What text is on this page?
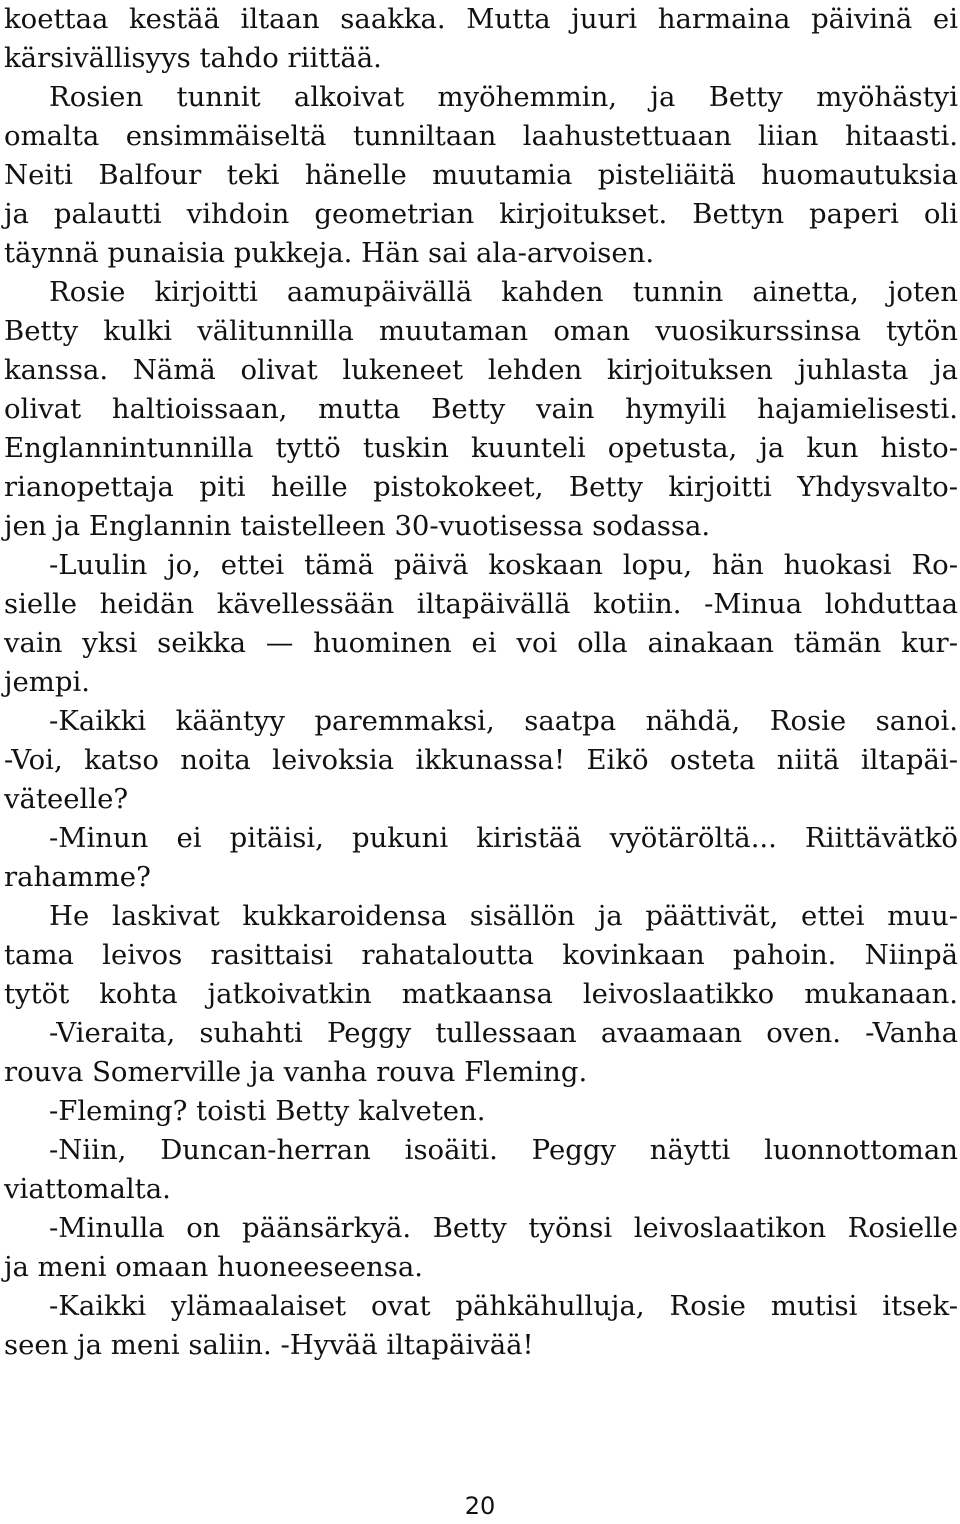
koettaa kestää iltaan saakka. Mutta juuri harmaina päivinä ei
kärsivällisyys tahdo riittää.
Rosien tunnit alkoivat myöhemmin, ja Betty myöhästyi
omalta ensimmäiseltä tunniltaan laahustettuaan liian hitaasti.
Neiti Balfour teki hänelle muutamia pisteliäitä huomautuksia
ja palautti vihdoin geometrian kirjoitukset. Bettyn paperi oli
täynnä punaisia pukkeja. Hän sai ala-arvoisen.
Rosie kirjoitti aamupäivällä kahden tunnin ainetta, joten
Betty kulki välitunnilla muutaman oman vuosikurssinsa tytön
kanssa. Nämä olivat lukeneet lehden kirjoituksen juhlasta ja
olivat haltioissaan, mutta Betty vain hymyili hajamielisesti.
Englannintunnilla tyttö tuskin kuunteli opetusta, ja kun histo-
rianopettaja piti heille pistokokeet, Betty kirjoitti Yhdysvalto-
jen ja Englannin taistelleen 30-vuotisessa sodassa.
-Luulin jo, ettei tämä päivä koskaan lopu, hän huokasi Ro-
sielle heidän kävellessään iltapäivällä kotiin. -Minua lohduttaa
vain yksi seikka — huominen ei voi olla ainakaan tämän kur-
jempi.
-Kaikki kääntyy paremmaksi, saatpa nähdä, Rosie sanoi.
-Voi, katso noita leivoksia ikkunassa! Eikö osteta niitä iltapäi-
väteelle?
-Minun ei pitäisi, pukuni kiristää vyötäröltä... Riittävätkö
rahamme?
He laskivat kukkaroidensa sisällön ja päättivät, ettei muu-
tama leivos rasittaisi rahataloutta kovinkaan pahoin. Niinpä
tytöt kohta jatkoivatkin matkaansa leivoslaatikko mukanaan.
-Vieraita, suhahti Peggy tullessaan avaamaan oven. -Vanha
rouva Somerville ja vanha rouva Fleming.
-Fleming? toisti Betty kalveten.
-Niin, Duncan-herran isoäiti. Peggy näytti luonnottoman
viattomalta.
-Minulla on päänsärkyä. Betty työnsi leivoslaatikon Rosielle
ja meni omaan huoneeseensa.
-Kaikki ylämaalaiset ovat pähkähulluja, Rosie mutisi itsek-
seen ja meni saliin. -Hyvää iltapäivää!
20
